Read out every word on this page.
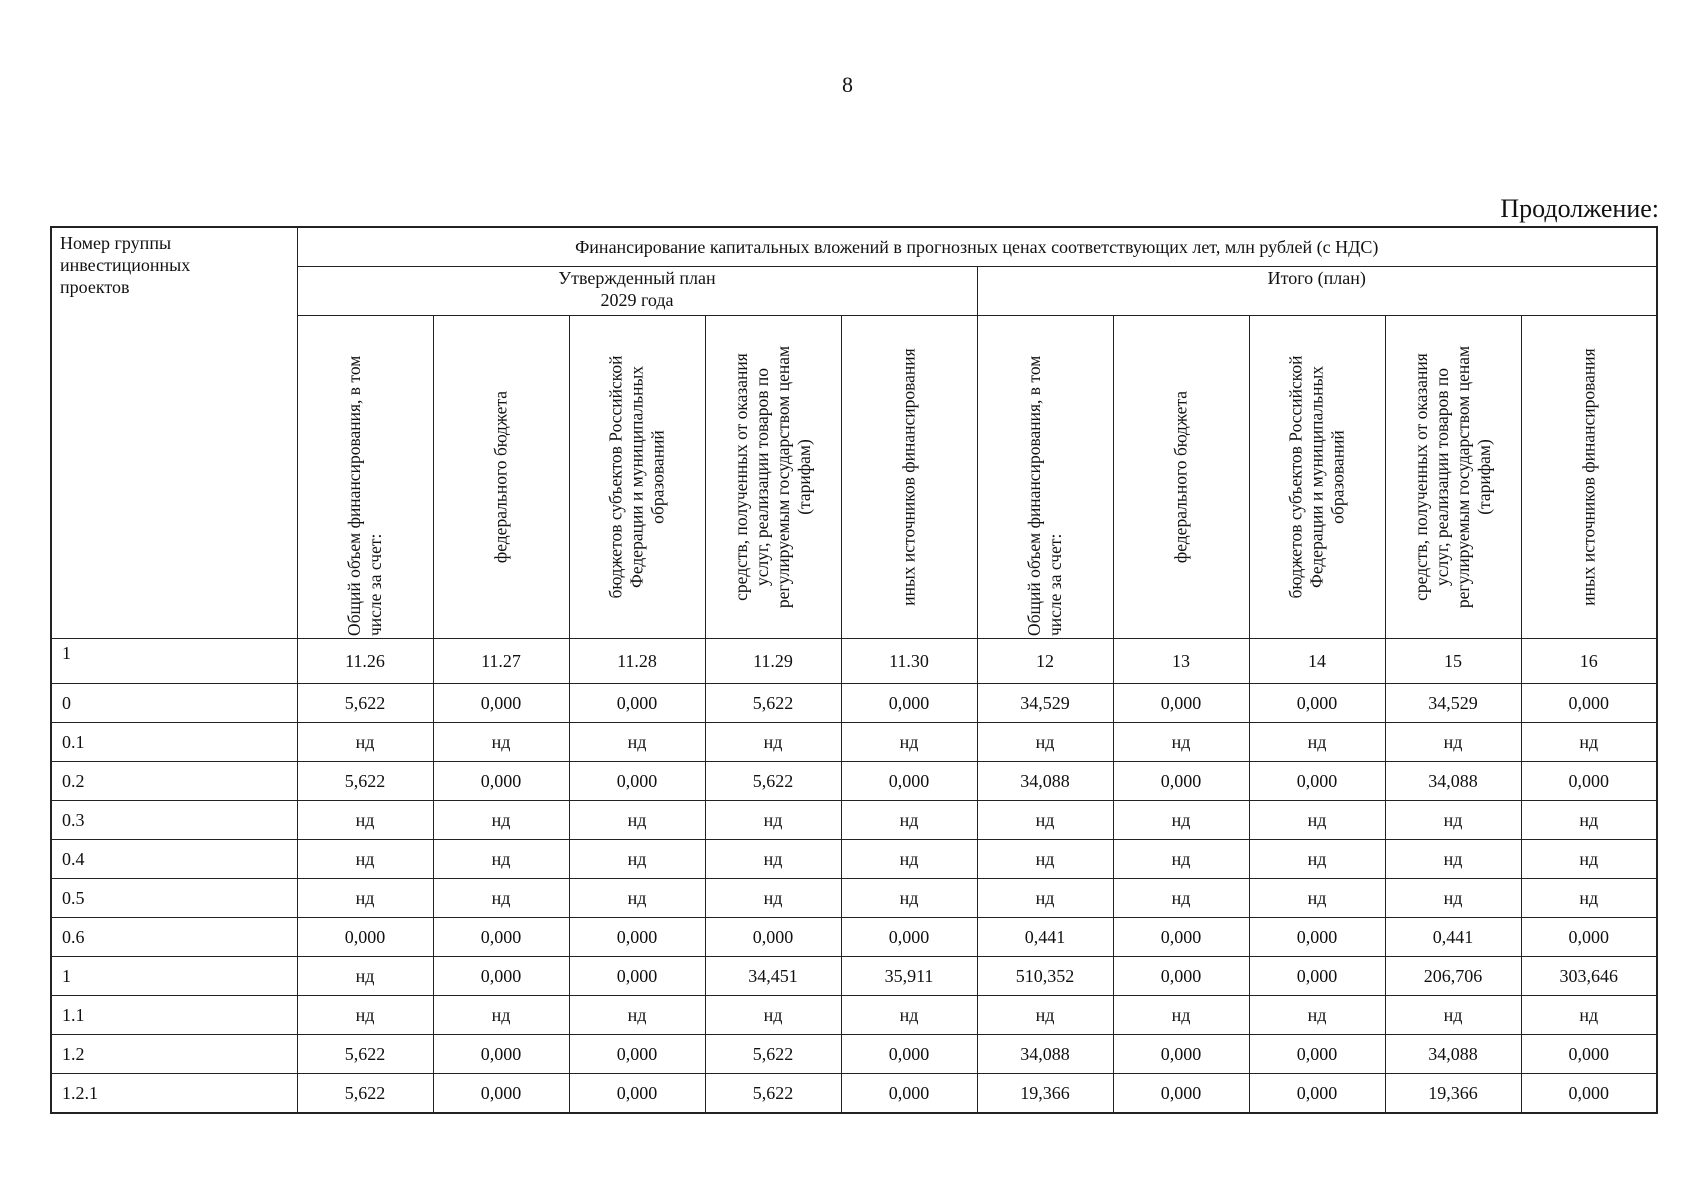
8
Продолжение:
Номер группы
инвестиционных
проектов	Финансирование капитальных вложений в прогнозных ценах соответствующих лет, млн рублей (с НДС)									

	Утвержденный план
2029 года					Итого (план)				

	Общий объем финансирования, в том числе за счет:	федерального бюджета	бюджетов субъектов Российской Федерации и муниципальных образований	средств, полученных от оказания услуг, реализации товаров по регулируемым государством ценам (тарифам)	иных источников финансирования	Общий объем финансирования, в том числе за счет:	федерального бюджета	бюджетов субъектов Российской Федерации и муниципальных образований	средств, полученных от оказания услуг, реализации товаров по регулируемым государством ценам (тарифам)	иных источников финансирования

1	11.26	11.27	11.28	11.29	11.30	12	13	14	15	16
0	5,622	0,000	0,000	5,622	0,000	34,529	0,000	0,000	34,529	0,000
0.1	нд	нд	нд	нд	нд	нд	нд	нд	нд	нд
0.2	5,622	0,000	0,000	5,622	0,000	34,088	0,000	0,000	34,088	0,000
0.3	нд	нд	нд	нд	нд	нд	нд	нд	нд	нд
0.4	нд	нд	нд	нд	нд	нд	нд	нд	нд	нд
0.5	нд	нд	нд	нд	нд	нд	нд	нд	нд	нд
0.6	0,000	0,000	0,000	0,000	0,000	0,441	0,000	0,000	0,441	0,000
1	нд	0,000	0,000	34,451	35,911	510,352	0,000	0,000	206,706	303,646
1.1	нд	нд	нд	нд	нд	нд	нд	нд	нд	нд
1.2	5,622	0,000	0,000	5,622	0,000	34,088	0,000	0,000	34,088	0,000
1.2.1	5,622	0,000	0,000	5,622	0,000	19,366	0,000	0,000	19,366	0,000
